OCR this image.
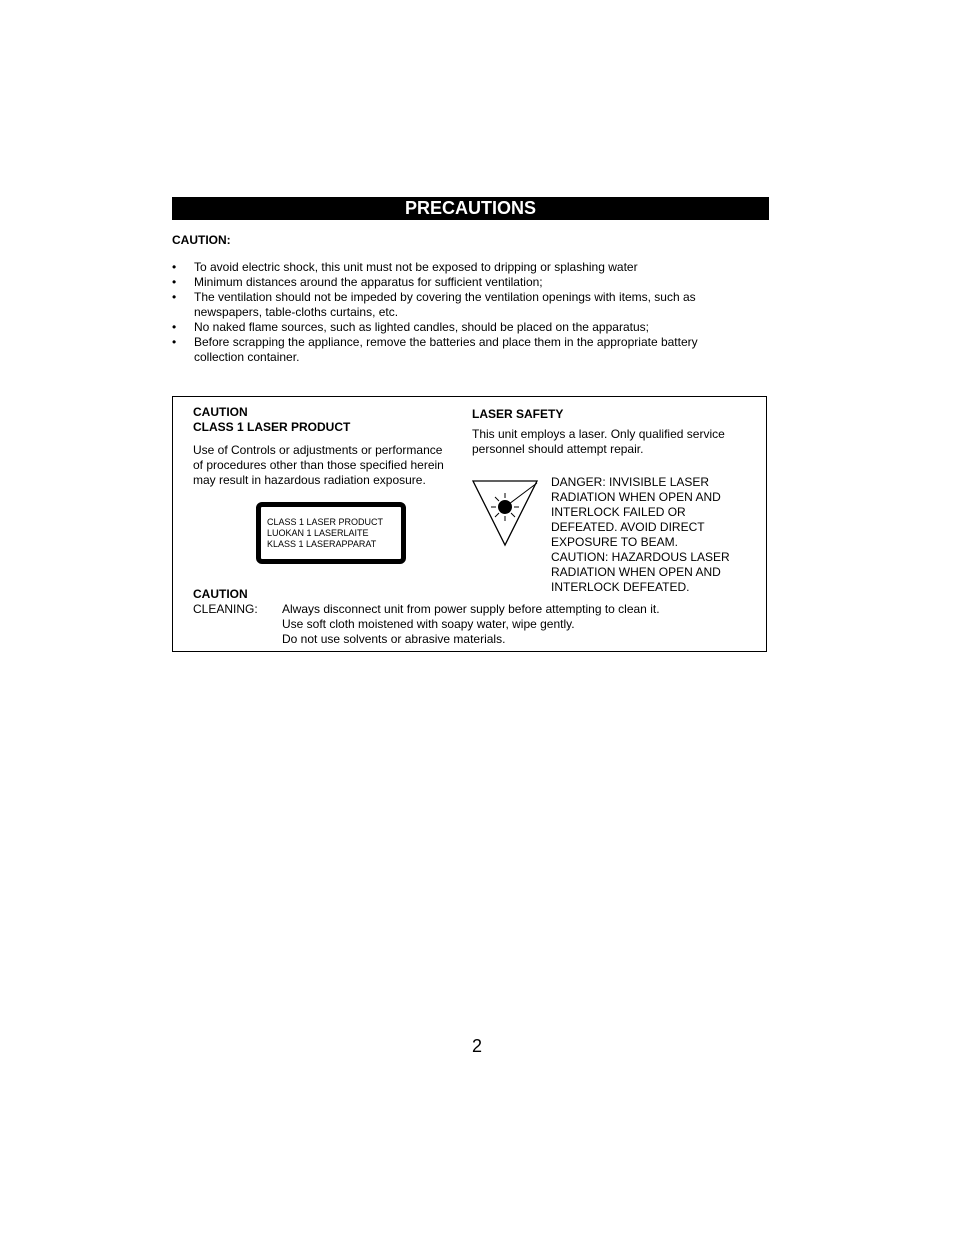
PRECAUTIONS
CAUTION:
• To avoid electric shock, this unit must not be exposed to dripping or splashing water
• Minimum distances around the apparatus for sufficient ventilation;
• The ventilation should not be impeded by covering the ventilation openings with items, such as
newspapers, table-cloths curtains, etc.
• No naked flame sources, such as lighted candles, should be placed on the apparatus;
• Before scrapping the appliance, remove the batteries and place them in the appropriate battery
collection container.
CAUTION
CLASS 1 LASER PRODUCT
Use of Controls or adjustments or performance
of procedures other than those specified herein
may result in hazardous radiation exposure.
CLASS 1 LASER PRODUCT
LUOKAN 1 LASERLAITE
KLASS 1 LASERAPPARAT
LASER SAFETY
This unit employs a laser. Only qualified service
personnel should attempt repair.
DANGER: INVISIBLE LASER
RADIATION WHEN OPEN AND
INTERLOCK FAILED OR
DEFEATED. AVOID DIRECT
EXPOSURE TO BEAM.
CAUTION: HAZARDOUS LASER
RADIATION WHEN OPEN AND
INTERLOCK DEFEATED.
CAUTION
CLEANING: Always disconnect unit from power supply before attempting to clean it.
Use soft cloth moistened with soapy water, wipe gently.
Do not use solvents or abrasive materials.
2
